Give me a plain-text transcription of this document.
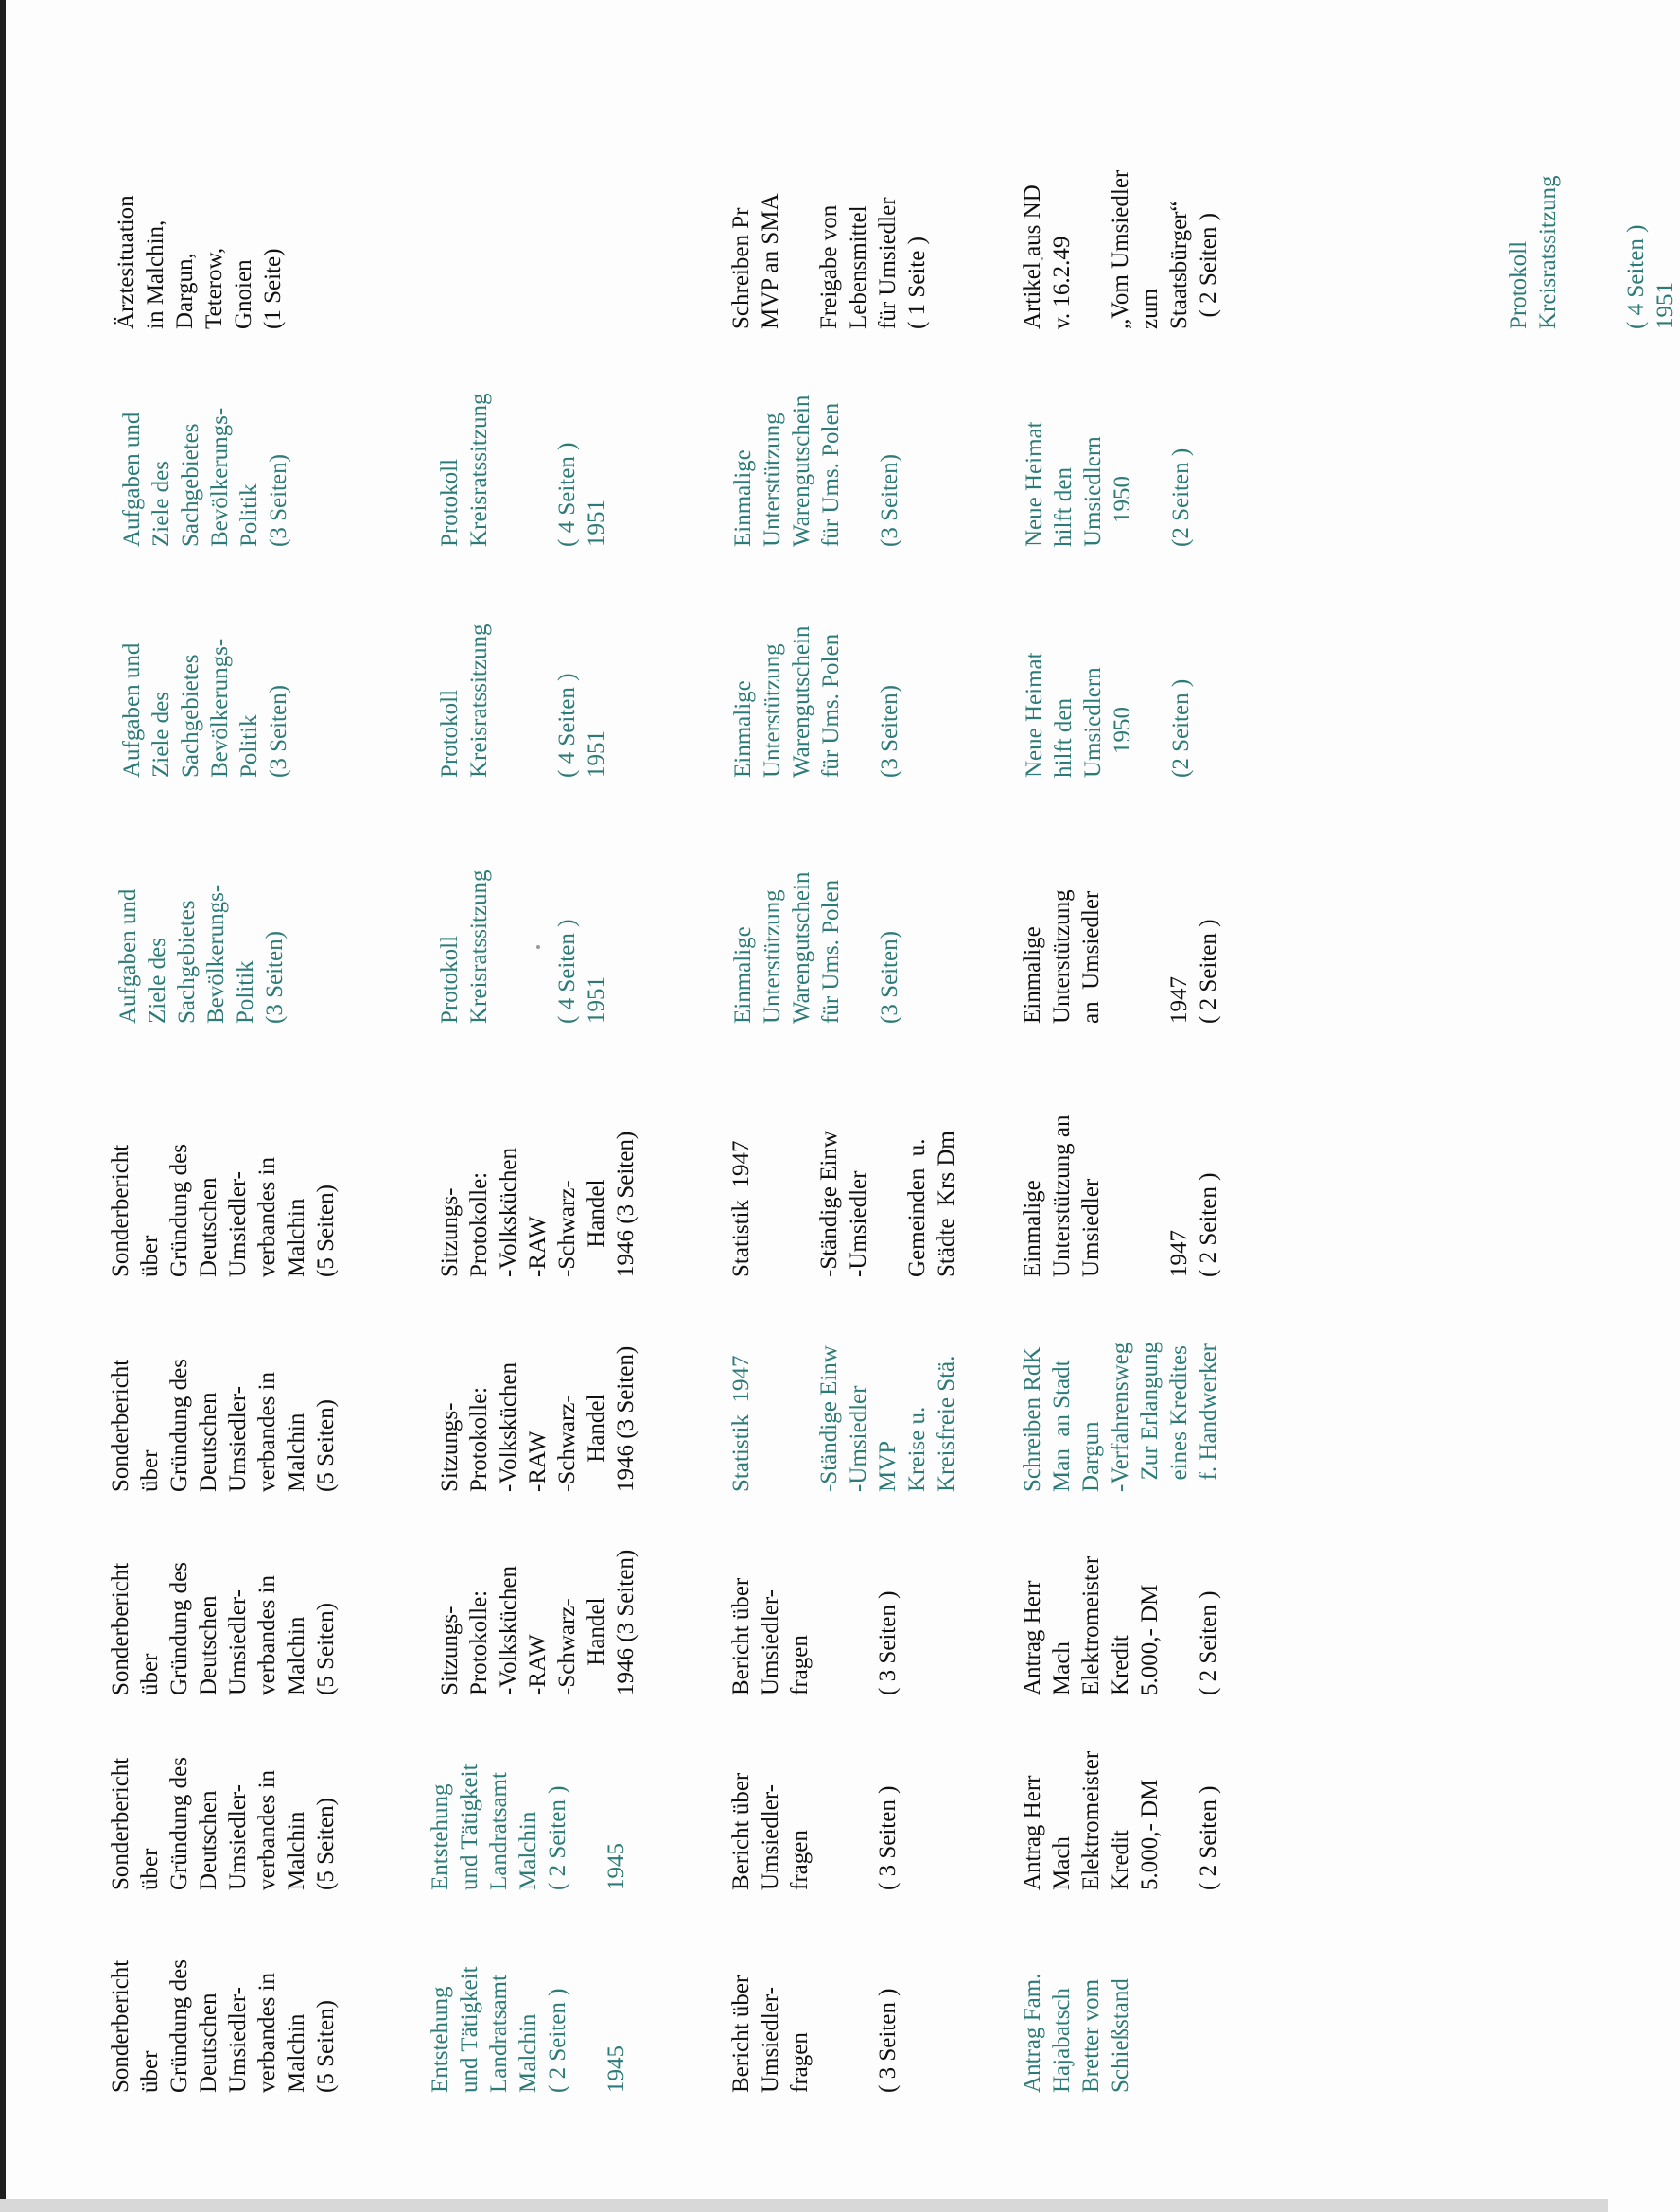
Sonderbericht
über
Gründung des
Deutschen
Umsiedler-
verbandes in
Malchin
(5 Seiten)
Sonderbericht
über
Gründung des
Deutschen
Umsiedler-
verbandes in
Malchin
(5 Seiten)
Sonderbericht
über
Gründung des
Deutschen
Umsiedler-
verbandes in
Malchin
(5 Seiten)
Sonderbericht
über
Gründung des
Deutschen
Umsiedler-
verbandes in
Malchin
(5 Seiten)
Sonderbericht
über
Gründung des
Deutschen
Umsiedler-
verbandes in
Malchin
(5 Seiten)
Aufgaben und
Ziele des
Sachgebietes
Bevölkerungs-
Politik
(3 Seiten)
Aufgaben und
Ziele des
Sachgebietes
Bevölkerungs-
Politik
(3 Seiten)
Aufgaben und
Ziele des
Sachgebietes
Bevölkerungs-
Politik
(3 Seiten)
Ärztesituation
in Malchin,
Dargun,
Teterow,
Gnoien
(1 Seite)
Entstehung
und Tätigkeit
Landratsamt
Malchin
( 2 Seiten )

1945
Entstehung
und Tätigkeit
Landratsamt
Malchin
( 2 Seiten )

1945
Sitzungs-
Protokolle:
-Volksküchen
-RAW
-Schwarz-
Handel
1946 (3 Seiten)
Sitzungs-
Protokolle:
-Volksküchen
-RAW
-Schwarz-
Handel
1946 (3 Seiten)
Sitzungs-
Protokolle:
-Volksküchen
-RAW
-Schwarz-
Handel
1946 (3 Seiten)
Protokoll
Kreisratssitzung

( 4 Seiten )
1951
Protokoll
Kreisratssitzung

( 4 Seiten )
1951
Protokoll
Kreisratssitzung

( 4 Seiten )
1951
Protokoll
Kreisratssitzung

( 4 Seiten )
1951
Bericht über
Umsiedler-
fragen

( 3 Seiten )
Bericht über
Umsiedler-
fragen

( 3 Seiten )
Bericht über
Umsiedler-
fragen

( 3 Seiten )
Statistik  1947

-Ständige Einw
-Umsiedler
MVP
Kreise u.
Kreisfreie Stä.
Statistik  1947

-Ständige Einw
-Umsiedler

Gemeinden  u.
Städte  Krs Dm
Einmalige
Unterstützung
Warengutschein
für Ums. Polen

(3 Seiten)
Einmalige
Unterstützung
Warengutschein
für Ums. Polen

(3 Seiten)
Einmalige
Unterstützung
Warengutschein
für Ums. Polen

(3 Seiten)
Schreiben Pr
MVP an SMA

Freigabe von
Lebensmittel
für Umsiedler
( 1 Seite )
Antrag Fam.
Hajabatsch
Bretter vom
Schießstand
Antrag Herr
Mach
Elektromeister
Kredit
5.000,- DM

( 2 Seiten )
Antrag Herr
Mach
Elektromeister
Kredit
5.000,- DM

( 2 Seiten )
Schreiben RdK
Man  an Stadt
Dargun
-Verfahrensweg
Zur Erlangung
eines Kredites
f. Handwerker
Einmalige
Unterstützung an
Umsiedler

1947
( 2 Seiten )
Einmalige
Unterstützung
an  Umsiedler

1947
( 2 Seiten )
Neue Heimat
hilft den
Umsiedlern
1950

(2 Seiten )
Neue Heimat
hilft den
Umsiedlern
1950

(2 Seiten )
Artikel aus ND
v. 16.2.49

„Vom Umsiedler
zum
Staatsbürger“
( 2 Seiten )
